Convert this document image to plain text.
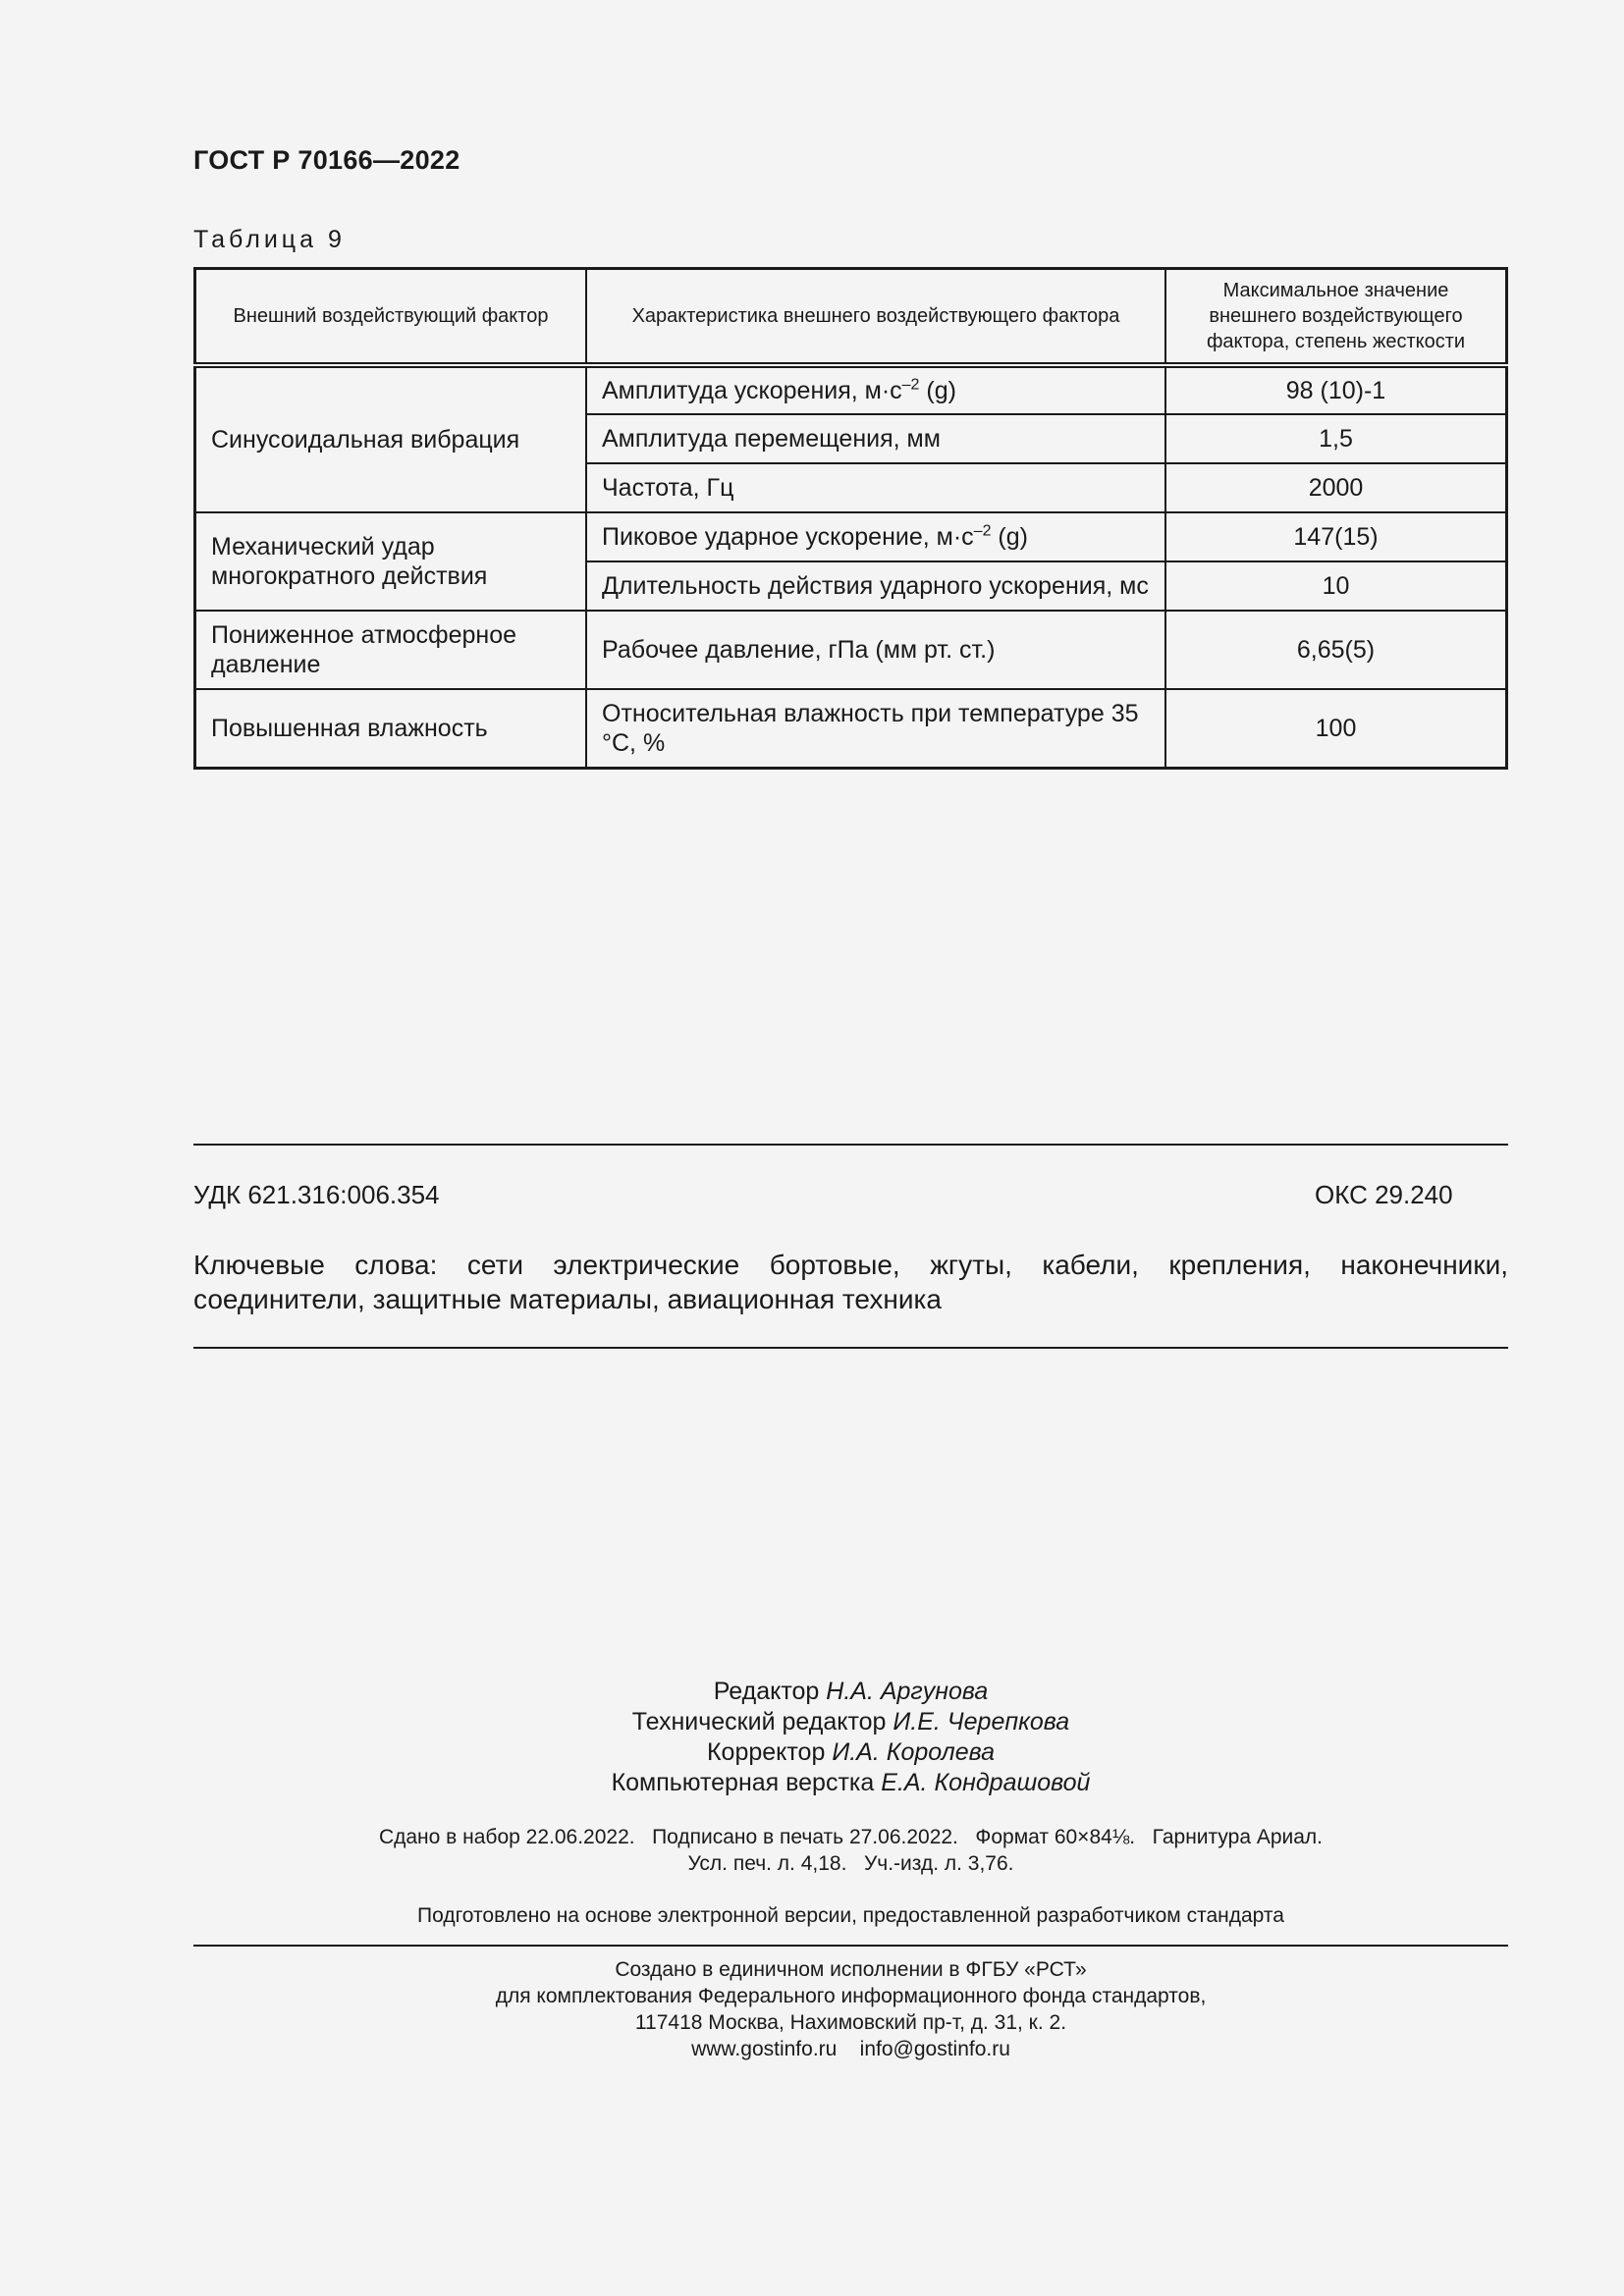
ГОСТ Р 70166—2022
Таблица 9
Внешний воздействующий фактор	Характеристика внешнего воздействующего фактора	Максимальное значение внешнего воздействующего фактора, степень жесткости
Синусоидальная вибрация	Амплитуда ускорения, $м\cdot с^{-2}$ (g)	98 (10)-1
	Амплитуда перемещения, мм	1,5
	Частота, Гц	2000
Механический удар многократного действия	Пиковое ударное ускорение, $м\cdot с^{-2}$ (g)	147(15)
	Длительность действия ударного ускорения, мс	10
Пониженное атмосферное давление	Рабочее давление, гПа (мм рт. ст.)	6,65(5)
Повышенная влажность	Относительная влажность при температуре 35 °С, %	100
УДК 621.316:006.354	ОКС 29.240
Ключевые слова: сети электрические бортовые, жгуты, кабели, крепления, наконечники, соединители, защитные материалы, авиационная техника
Редактор Н.А. Аргунова
Технический редактор И.Е. Черепкова
Корректор И.А. Королева
Компьютерная верстка Е.А. Кондрашовой
Сдано в набор 22.06.2022.   Подписано в печать 27.06.2022.   Формат 60×84⅛.   Гарнитура Ариал.
Усл. печ. л. 4,18.   Уч.-изд. л. 3,76.
Подготовлено на основе электронной версии, предоставленной разработчиком стандарта
Создано в единичном исполнении в ФГБУ «РСТ»
для комплектования Федерального информационного фонда стандартов,
117418 Москва, Нахимовский пр-т, д. 31, к. 2.
www.gostinfo.ru    info@gostinfo.ru
